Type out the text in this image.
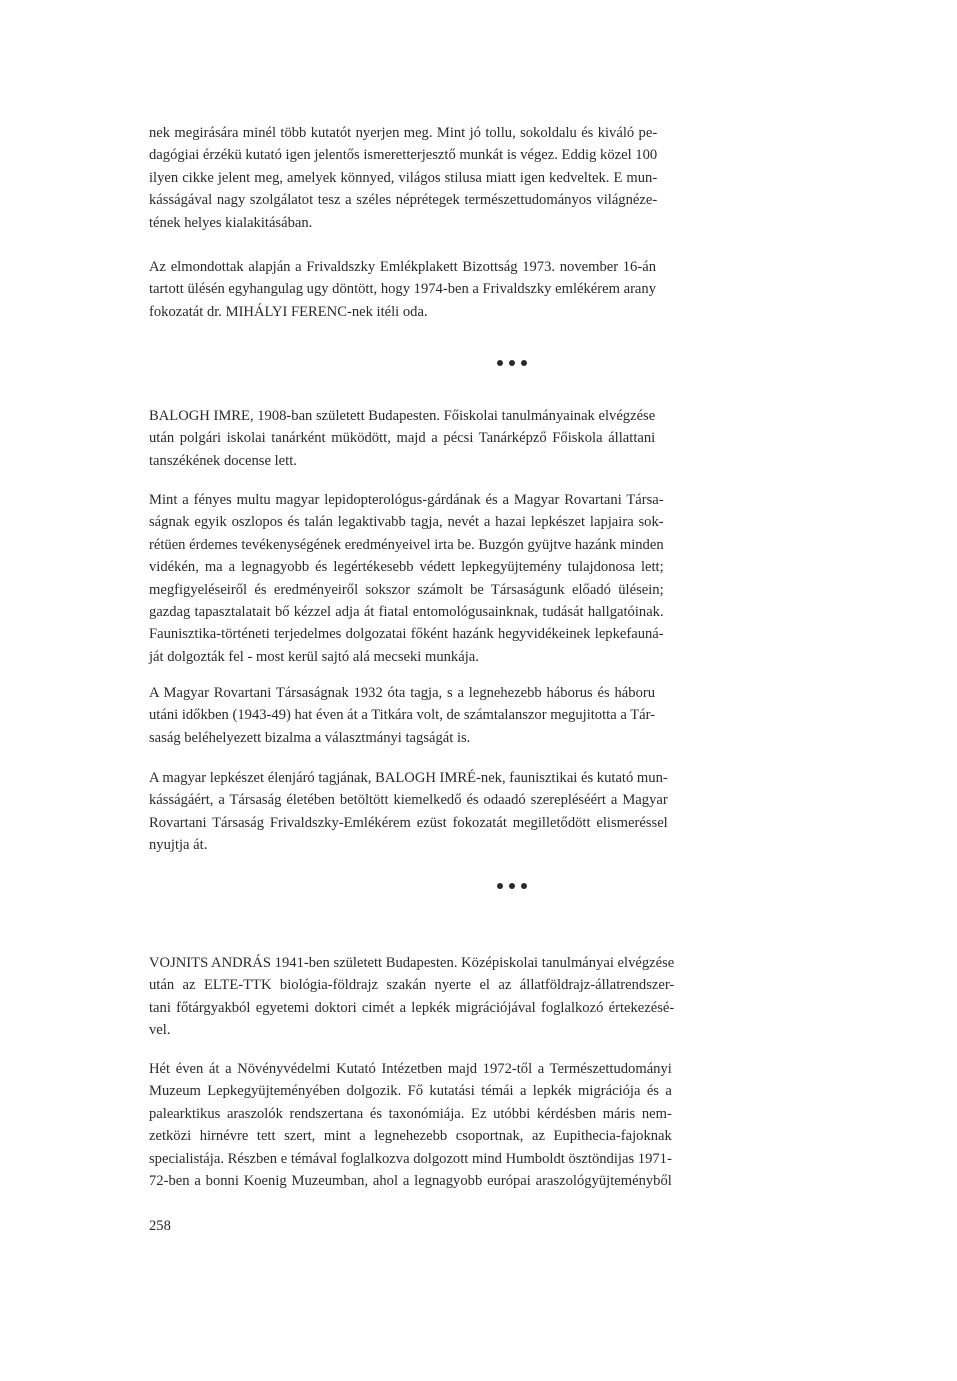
nek megirására minél több kutatót nyerjen meg. Mint jó tollu, sokoldalu és kiváló pe-
dagógiai érzékü kutató igen jelentős ismeretterjesztő munkát is végez. Eddig közel 100
ilyen cikke jelent meg, amelyek könnyed, világos stilusa miatt igen kedveltek. E mun-
kásságával nagy szolgálatot tesz a széles néprétegek természettudományos világnéze-
tének helyes kialakitásában.

Az elmondottak alapján a Frivaldszky Emlékplakett Bizottság 1973. november 16-án
tartott ülésén egyhangulag ugy döntött, hogy 1974-ben a Frivaldszky emlékérem arany
fokozatát dr. MIHÁLYI FERENC-nek itéli oda.

BALOGH IMRE, 1908-ban született Budapesten. Főiskolai tanulmányainak elvégzése
után polgári iskolai tanárként müködött, majd a pécsi Tanárképző Főiskola állattani
tanszékének docense lett.

Mint a fényes multu magyar lepidopterológus-gárdának és a Magyar Rovartani Társa-
ságnak egyik oszlopos és talán legaktivabb tagja, nevét a hazai lepkészet lapjaira sok-
rétüen érdemes tevékenységének eredményeivel irta be. Buzgón gyüjtve hazánk minden
vidékén, ma a legnagyobb és legértékesebb védett lepkegyüjtemény tulajdonosa lett;
megfigyeléseiről és eredményeiről sokszor számolt be Társaságunk előadó ülésein;
gazdag tapasztalatait bő kézzel adja át fiatal entomológusainknak, tudását hallgatóinak.
Faunisztika-történeti terjedelmes dolgozatai főként hazánk hegyvidékeinek lepkefauná-
ját dolgozták fel - most kerül sajtó alá mecseki munkája.

A Magyar Rovartani Társaságnak 1932 óta tagja, s a legnehezebb háborus és háboru
utáni időkben (1943-49) hat éven át a Titkára volt, de számtalanszor megujitotta a Tár-
saság beléhelyezett bizalma a választmányi tagságát is.

A magyar lepkészet élenjáró tagjának, BALOGH IMRÉ-nek, faunisztikai és kutató mun-
kásságáért, a Társaság életében betöltött kiemelkedő és odaadó szerepléséért a Magyar
Rovartani Társaság Frivaldszky-Emlékérem ezüst fokozatát megilletődött elismeréssel
nyujtja át.

VOJNITS ANDRÁS 1941-ben született Budapesten. Középiskolai tanulmányai elvégzése
után az ELTE-TTK biológia-földrajz szakán nyerte el az állatföldrajz-állatrendszer-
tani főtárgyakból egyetemi doktori cimét a lepkék migrációjával foglalkozó értekezésé-
vel.

Hét éven át a Növényvédelmi Kutató Intézetben majd 1972-től a Természettudományi
Muzeum Lepkegyüjteményében dolgozik. Fő kutatási témái a lepkék migrációja és a
palearktikus araszolók rendszertana és taxonómiája. Ez utóbbi kérdésben máris nem-
zetközi hirnévre tett szert, mint a legnehezebb csoportnak, az Eupithecia-fajoknak
specialistája. Részben e témával foglalkozva dolgozott mind Humboldt ösztöndijas 1971-
72-ben a bonni Koenig Muzeumban, ahol a legnagyobb európai araszológyüjteményből

258
